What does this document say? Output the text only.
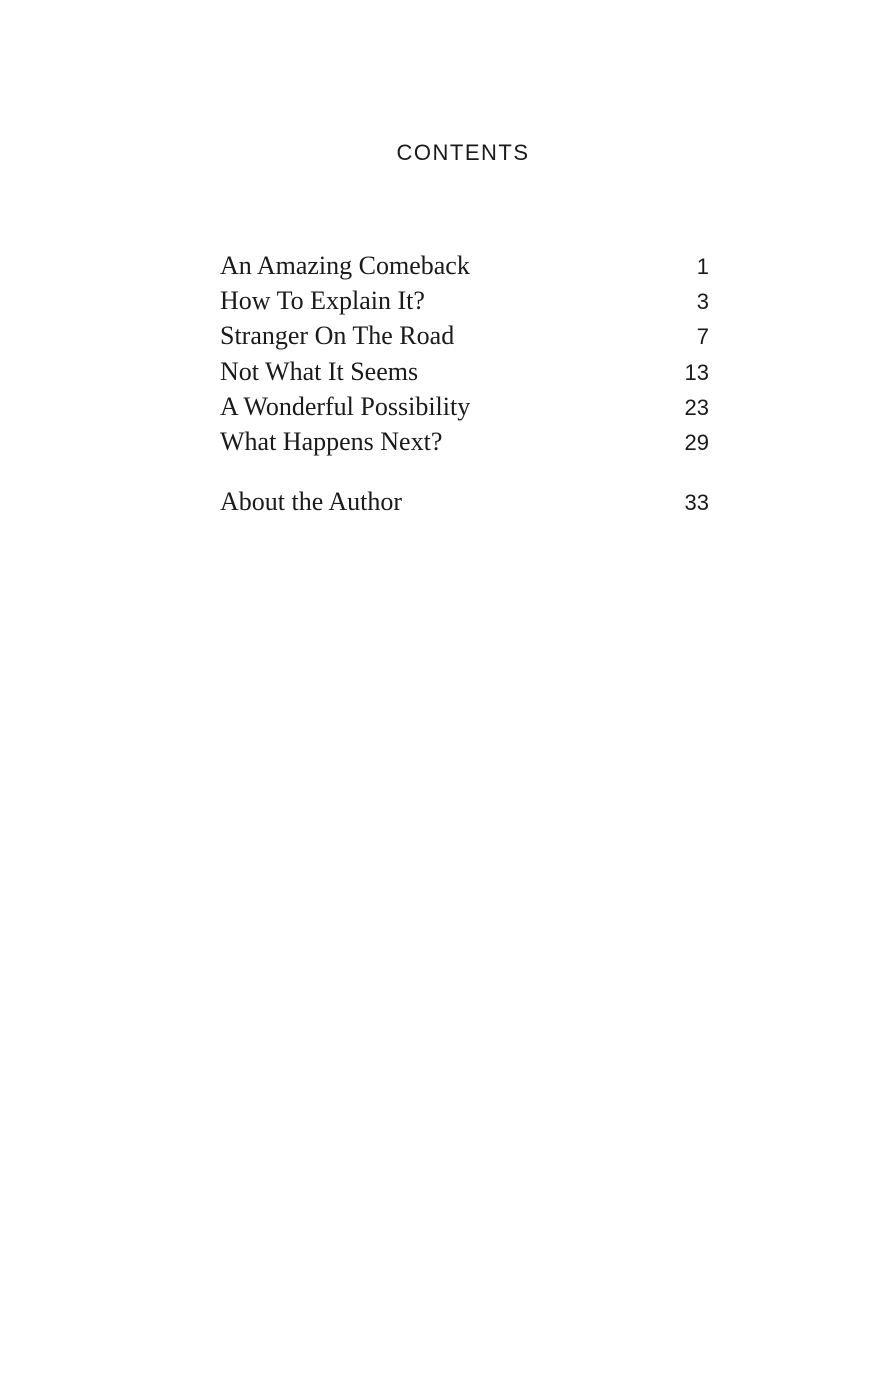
CONTENTS
An Amazing Comeback	1
How To Explain It?	3
Stranger On The Road	7
Not What It Seems	13
A Wonderful Possibility	23
What Happens Next?	29
About the Author	33
